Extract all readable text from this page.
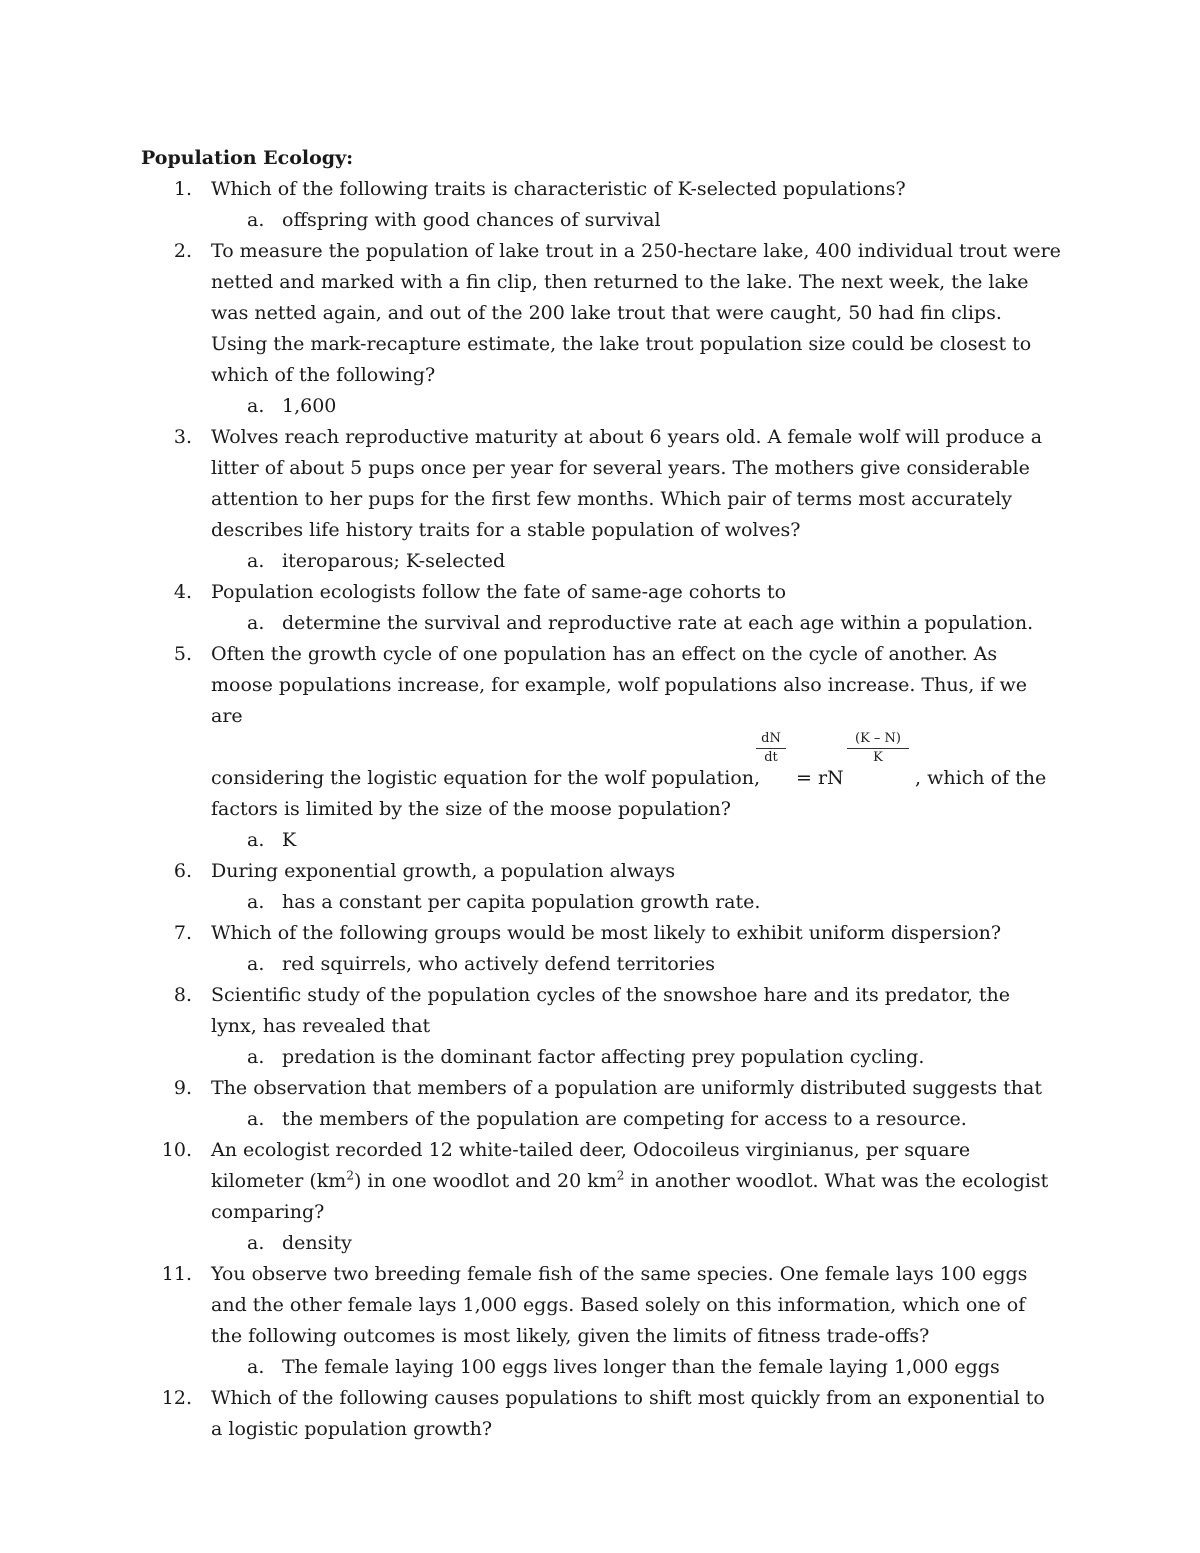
Population Ecology:
1. Which of the following traits is characteristic of K-selected populations?

a. offspring with good chances of survival
2. To measure the population of lake trout in a 250-hectare lake, 400 individual trout were netted and marked with a fin clip, then returned to the lake. The next week, the lake was netted again, and out of the 200 lake trout that were caught, 50 had fin clips. Using the mark-recapture estimate, the lake trout population size could be closest to which of the following?

a. 1,600
3. Wolves reach reproductive maturity at about 6 years old. A female wolf will produce a litter of about 5 pups once per year for several years. The mothers give considerable attention to her pups for the first few months. Which pair of terms most accurately describes life history traits for a stable population of wolves?

a. iteroparous; K-selected
4. Population ecologists follow the fate of same-age cohorts to

a. determine the survival and reproductive rate at each age within a population.
5. Often the growth cycle of one population has an effect on the cycle of another. As moose populations increase, for example, wolf populations also increase. Thus, if we are

considering the logistic equation for the wolf population,
$\frac{dN}{dt}$
= rN
$\frac{(K - N)}{K}$
, which of the

factors is limited by the size of the moose population?

a. K
6. During exponential growth, a population always

a. has a constant per capita population growth rate.
7. Which of the following groups would be most likely to exhibit uniform dispersion?

a. red squirrels, who actively defend territories
8. Scientific study of the population cycles of the snowshoe hare and its predator, the lynx, has revealed that

a. predation is the dominant factor affecting prey population cycling.
9. The observation that members of a population are uniformly distributed suggests that

a. the members of the population are competing for access to a resource.
10. An ecologist recorded 12 white-tailed deer, Odocoileus virginianus, per square kilometer $(km^2)$ in one woodlot and 20 $km^2$ in another woodlot. What was the ecologist comparing?

a. density
11. You observe two breeding female fish of the same species. One female lays 100 eggs and the other female lays 1,000 eggs. Based solely on this information, which one of the following outcomes is most likely, given the limits of fitness trade-offs?

a. The female laying 100 eggs lives longer than the female laying 1,000 eggs
12. Which of the following causes populations to shift most quickly from an exponential to a logistic population growth?
